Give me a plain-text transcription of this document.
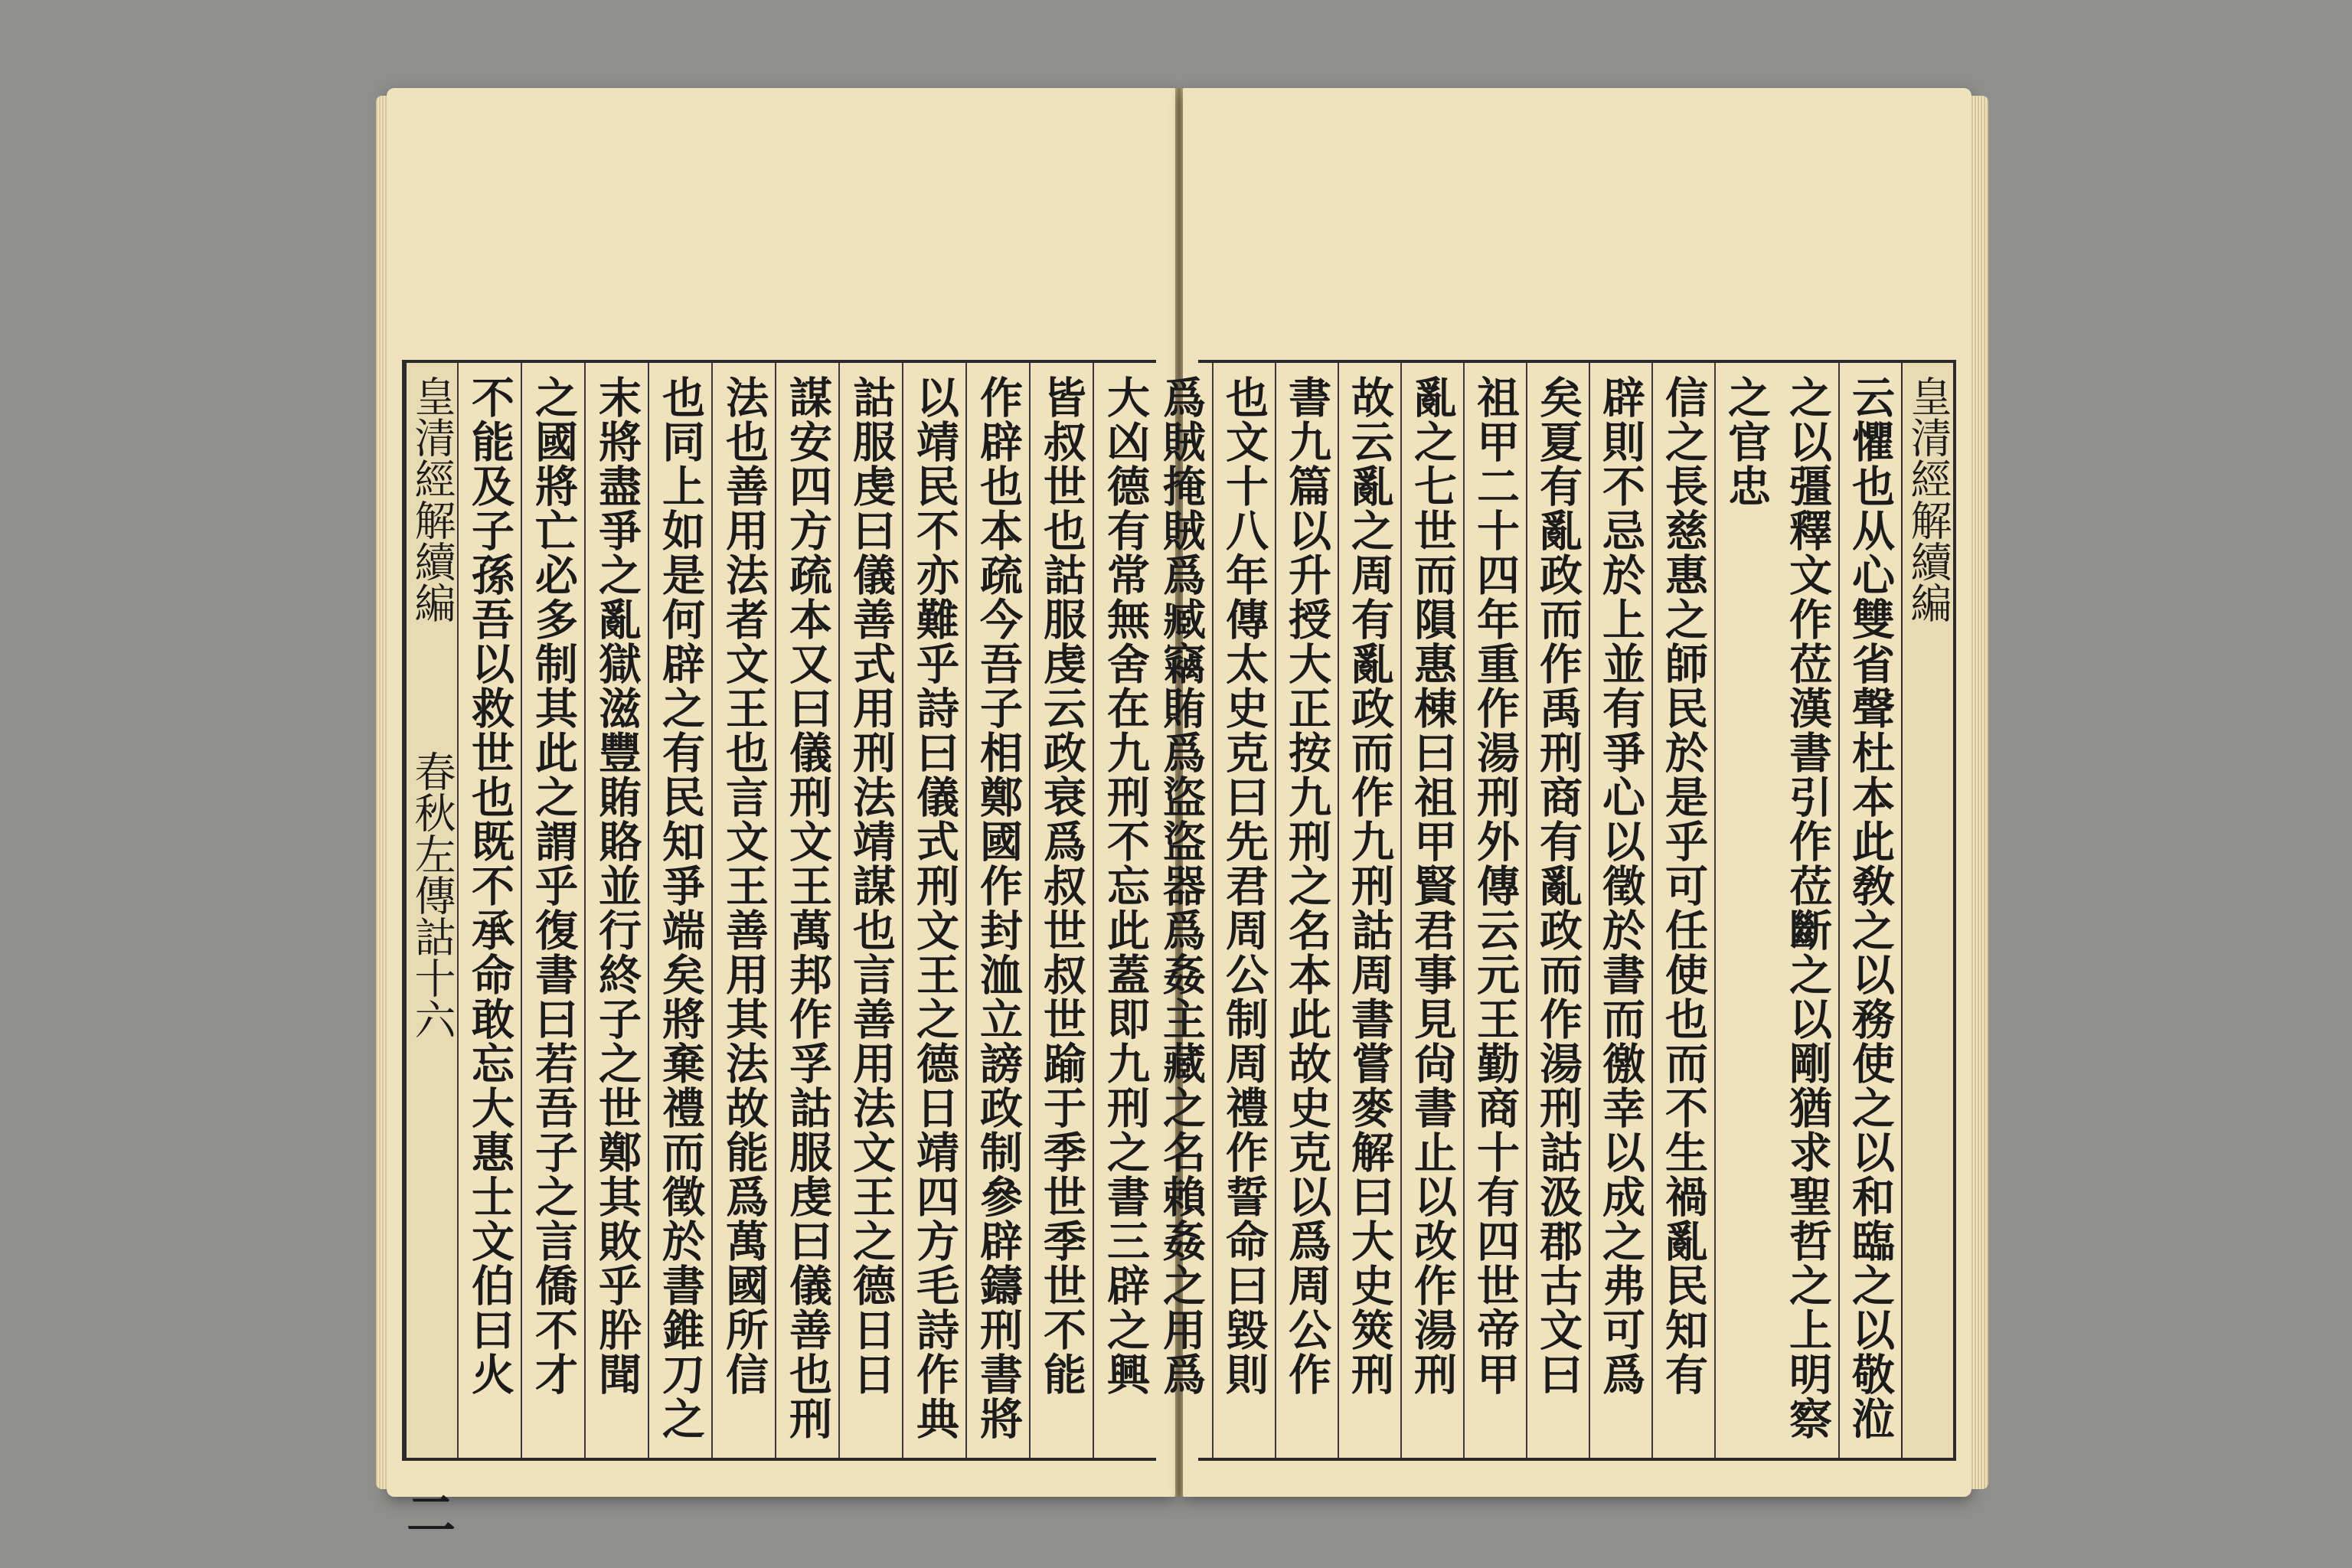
大凶德有常無舍在九刑不忘此蓋即九刑之書三辟之興
皆叔世也詁服虔云政衰爲叔世叔世踰于季世季世不能
作辟也本疏今吾子相鄭國作封洫立謗政制參辟鑄刑書將
以靖民不亦難乎詩曰儀式刑文王之德日靖四方毛詩作典
詁服虔曰儀善式用刑法靖謀也言善用法文王之德日日
謀安四方疏本又曰儀刑文王萬邦作孚詁服虔曰儀善也刑
法也善用法者文王也言文王善用其法故能爲萬國所信
也同上如是何辟之有民知爭端矣將棄禮而徵於書錐刀之
末將盡爭之亂獄滋豐賄賂並行終子之世鄭其敗乎肸聞
之國將亡必多制其此之謂乎復書曰若吾子之言僑不才
不能及子孫吾以救世也既不承命敢忘大惠士文伯曰火
皇清經解續編  春秋左傳詁十六
二
皇清經解續編
云懼也从心雙省聲杜本此敎之以務使之以和臨之以敬涖
之以彊釋文作莅漢書引作莅斷之以剛猶求聖哲之上明察之官忠
信之長慈惠之師民於是乎可任使也而不生禍亂民知有
辟則不忌於上並有爭心以徵於書而徼幸以成之弗可爲
矣夏有亂政而作禹刑商有亂政而作湯刑詁汲郡古文曰
祖甲二十四年重作湯刑外傳云元王勤商十有四世帝甲
亂之七世而隕惠棟曰祖甲賢君事見尙書止以改作湯刑
故云亂之周有亂政而作九刑詁周書嘗麥解曰大史筴刑
書九篇以升授大正按九刑之名本此故史克以爲周公作
也文十八年傳太史克曰先君周公制周禮作誓命曰毀則
爲賊掩賊爲臧竊賄爲盜盜器爲姦主藏之名賴姦之用爲
